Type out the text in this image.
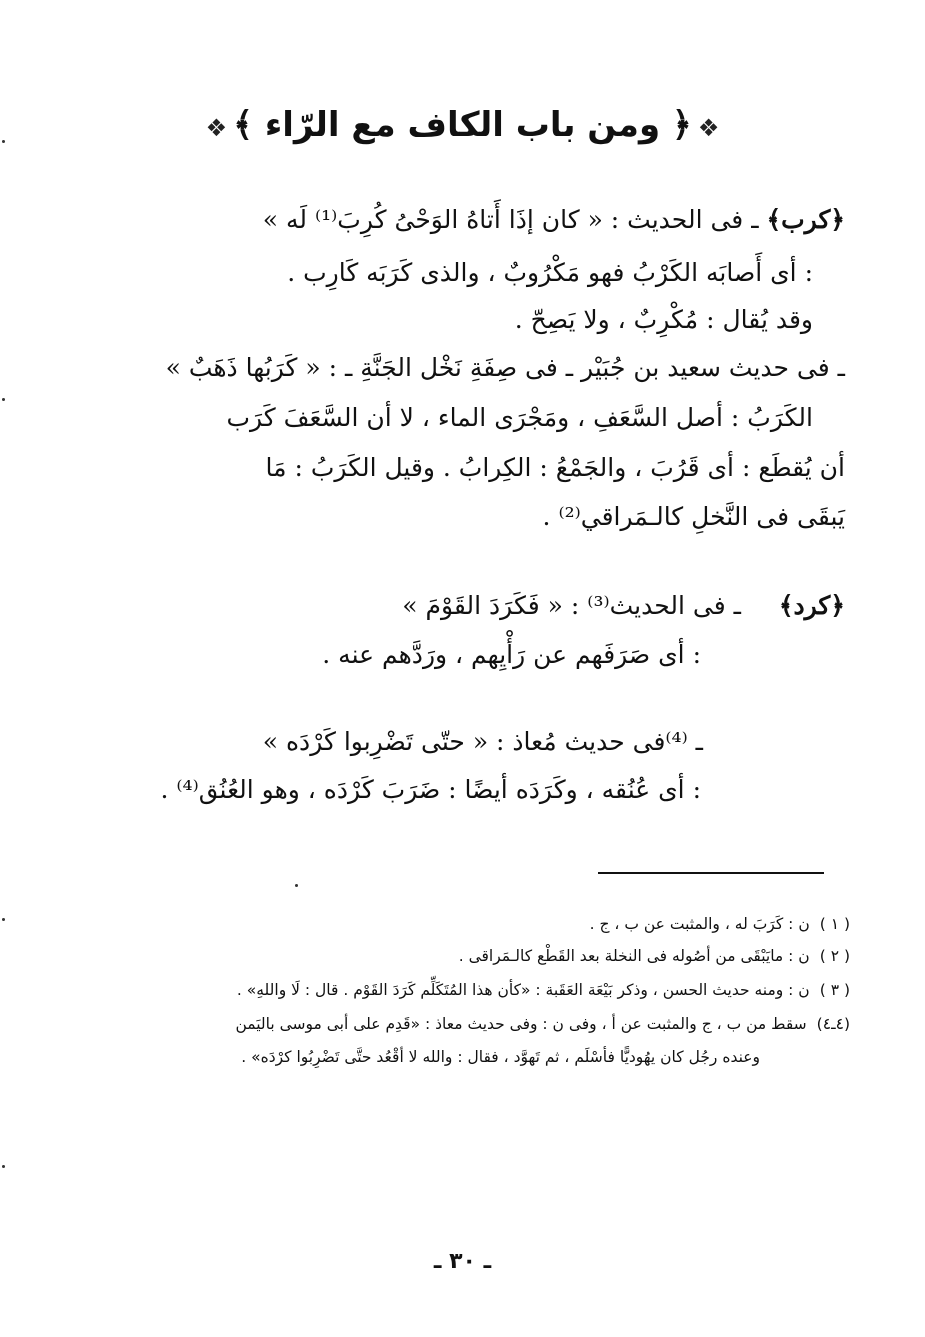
❖﴿ ومن باب الكاف مع الرّاء ﴾❖
﴿كرب﴾ ـ فى الحديث : « كان إذَا أَتاهُ الوَحْىُ كُرِبَ⁽¹⁾ لَه »
: أى أَصابَه الكَرْبُ فهو مَكْرُوبٌ ، والذى كَرَبَه كَارِب .
وقد يُقال : مُكْرِبٌ ، ولا يَصِحّ .
ـ فى حديث سعيد بن جُبَيْر ـ فى صِفَةِ نَخْل الجَنَّةِ ـ : « كَرَبُها ذَهَبٌ »
الكَرَبُ : أصل السَّعَفِ ، ومَجْرَى الماء ، لا أن السَّعَفَ كَرَب
أن يُقطَع : أى قَرُبَ ، والجَمْعُ : الكِرابُ . وقيل الكَرَبُ : مَا
يَبقَى فى النَّخلِ كالـمَراقي⁽²⁾ .
﴿كرد﴾  ـ فى الحديث⁽³⁾ : « فَكَرَدَ القَوْمَ »
: أى صَرَفَهم عن رَأْيِهم ، ورَدَّهم عنه .
ـ ⁽⁴⁾فى حديث مُعاذ : « حتّى تَضْرِبوا كَرْدَه »
: أى عُنُقه ، وكَرَدَه أيضًا : ضَرَبَ كَرْدَه ، وهو العُنُق⁽⁴⁾ .
( ١ )ن : كَرَبَ له ، والمثبت عن ب ، ج .
( ٢ )ن : مايَبْقَى من أصُوله فى النخلة بعد القَطْع كالـمَراقى .
( ٣ )ن : ومنه حديث الحسن ، وذكر بَيْعَة العَقَبة : «كأن هذا المُتَكَلِّم كَرَدَ القَوْم . قال : لَا واللهِ» .
(٤ـ٤)سقط من ب ، ج والمثبت عن أ ، وفى ن : وفى حديث معاذ : «قَدِم على أبى موسى باليَمن
وعنده رجُل كان يهُوديًّا فأسْلَم ، ثم تَهوَّد ، فقال : والله لا أقْعُد حتَّى تَضْرِبُوا كرْدَه» .
ـ ٣٠ ـ
